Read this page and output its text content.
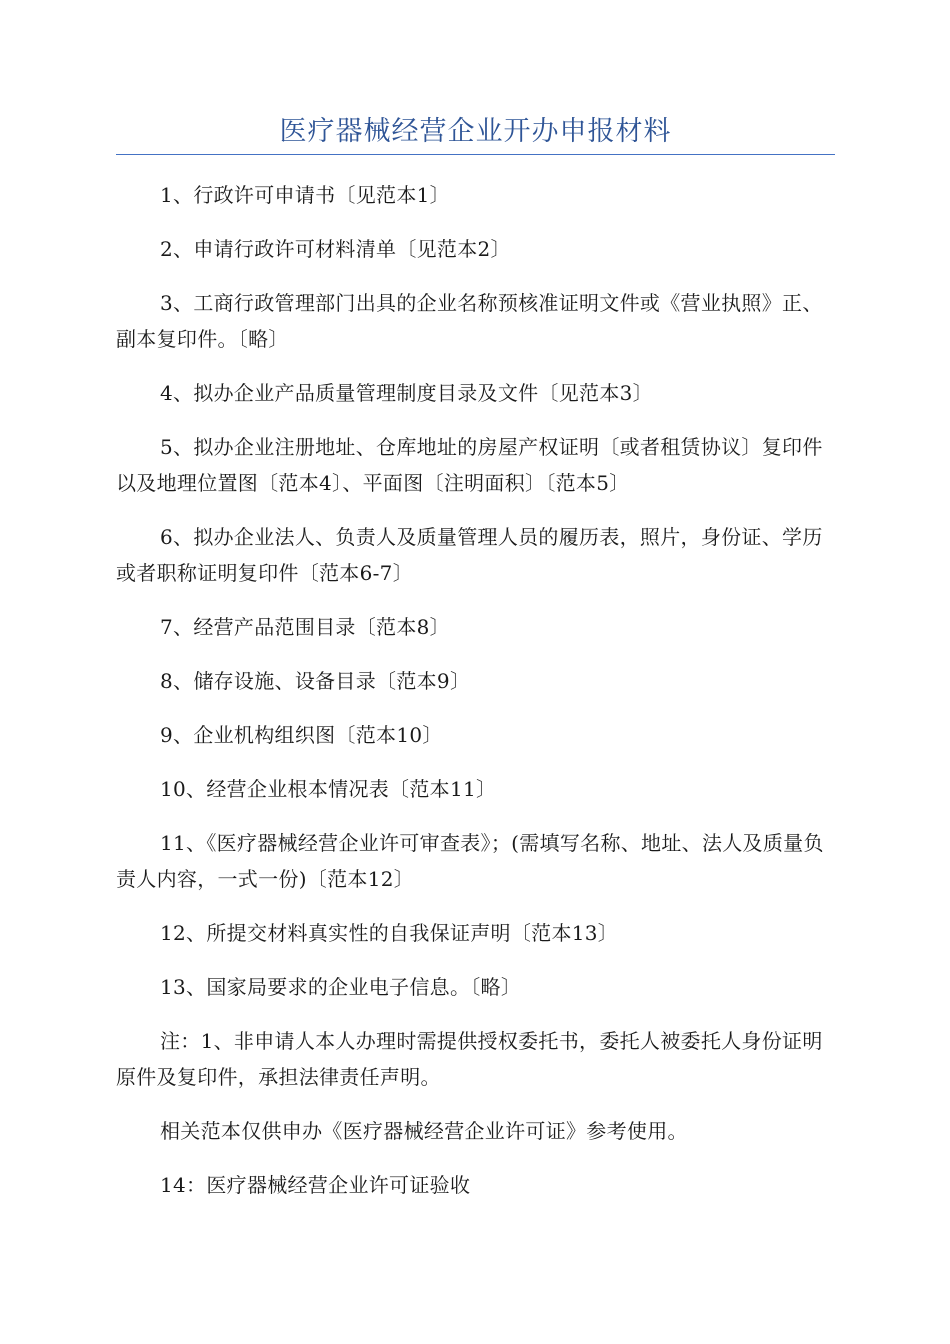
医疗器械经营企业开办申报材料

1、行政许可申请书〔见范本1〕

2、申请行政许可材料清单〔见范本2〕

3、工商行政管理部门出具的企业名称预核准证明文件或《营业执照》正、副本复印件。〔略〕

4、拟办企业产品质量管理制度目录及文件〔见范本3〕

5、拟办企业注册地址、仓库地址的房屋产权证明〔或者租赁协议〕复印件以及地理位置图〔范本4〕、平面图〔注明面积〕〔范本5〕

6、拟办企业法人、负责人及质量管理人员的履历表，照片，身份证、学历或者职称证明复印件〔范本6-7〕

7、经营产品范围目录〔范本8〕

8、储存设施、设备目录〔范本9〕

9、企业机构组织图〔范本10〕

10、经营企业根本情况表〔范本11〕

11、《医疗器械经营企业许可审查表》；(需填写名称、地址、法人及质量负责人内容，一式一份)〔范本12〕

12、所提交材料真实性的自我保证声明〔范本13〕

13、国家局要求的企业电子信息。〔略〕

注：1、非申请人本人办理时需提供授权委托书，委托人被委托人身份证明原件及复印件，承担法律责任声明。

相关范本仅供申办《医疗器械经营企业许可证》参考使用。

14：医疗器械经营企业许可证验收
